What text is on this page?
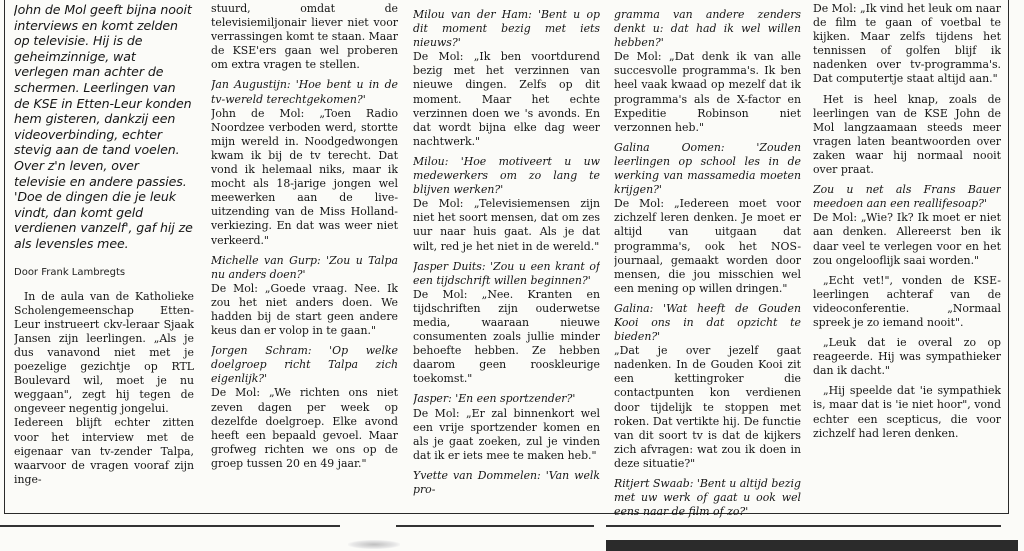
John de Mol geeft bijna nooit interviews en komt zelden op televisie. Hij is de geheimzinnige, wat verlegen man achter de schermen. Leerlingen van de KSE in Etten-Leur konden hem gisteren, dankzij een videoverbinding, echter stevig aan de tand voelen. Over z'n leven, over televisie en andere passies. 'Doe de dingen die je leuk vindt, dan komt geld verdienen vanzelf', gaf hij ze als levensles mee.

Door Frank Lambregts

In de aula van de Katholieke Scholengemeenschap Etten-Leur instrueert ckv-leraar Sjaak Jansen zijn leerlingen. „Als je dus vanavond niet met je poezelige gezichtje op RTL Boulevard wil, moet je nu weggaan", zegt hij tegen de ongeveer negentig jongelui.

Iedereen blijft echter zitten voor het interview met de eigenaar van tv-zender Talpa, waarvoor de vragen vooraf zijn inge-

stuurd, omdat de televisiemiljonair liever niet voor verrassingen komt te staan. Maar de KSE'ers gaan wel proberen om extra vragen te stellen.

Jan Augustijn: 'Hoe bent u in de tv-wereld terechtgekomen?'

John de Mol: „Toen Radio Noordzee verboden werd, stortte mijn wereld in. Noodgedwongen kwam ik bij de tv terecht. Dat vond ik helemaal niks, maar ik mocht als 18-jarige jongen wel meewerken aan de live-uitzending van de Miss Holland-verkiezing. En dat was weer niet verkeerd."

Michelle van Gurp: 'Zou u Talpa nu anders doen?'

De Mol: „Goede vraag. Nee. Ik zou het niet anders doen. We hadden bij de start geen andere keus dan er volop in te gaan."

Jorgen Schram: 'Op welke doelgroep richt Talpa zich eigenlijk?'

De Mol: „We richten ons niet zeven dagen per week op dezelfde doelgroep. Elke avond heeft een bepaald gevoel. Maar grofweg richten we ons op de groep tussen 20 en 49 jaar."

Milou van der Ham: 'Bent u op dit moment bezig met iets nieuws?'

De Mol: „Ik ben voortdurend bezig met het verzinnen van nieuwe dingen. Zelfs op dit moment. Maar het echte verzinnen doen we 's avonds. En dat wordt bijna elke dag weer nachtwerk."

Milou: 'Hoe motiveert u uw medewerkers om zo lang te blijven werken?'

De Mol: „Televisiemensen zijn niet het soort mensen, dat om zes uur naar huis gaat. Als je dat wilt, red je het niet in de wereld."

Jasper Duits: 'Zou u een krant of een tijdschrift willen beginnen?'

De Mol: „Nee. Kranten en tijdschriften zijn ouderwetse media, waaraan nieuwe consumenten zoals jullie minder behoefte hebben. Ze hebben daarom geen rooskleurige toekomst."

Jasper: 'En een sportzender?'

De Mol: „Er zal binnenkort wel een vrije sportzender komen en als je gaat zoeken, zul je vinden dat ik er iets mee te maken heb."

Yvette van Dommelen: 'Van welk pro-

gramma van andere zenders denkt u: dat had ik wel willen hebben?'

De Mol: „Dat denk ik van alle succesvolle programma's. Ik ben heel vaak kwaad op mezelf dat ik programma's als de X-factor en Expeditie Robinson niet verzonnen heb."

Galina Oomen: 'Zouden leerlingen op school les in de werking van massamedia moeten krijgen?'

De Mol: „Iedereen moet voor zichzelf leren denken. Je moet er altijd van uitgaan dat programma's, ook het NOS-journaal, gemaakt worden door mensen, die jou misschien wel een mening op willen dringen."

Galina: 'Wat heeft de Gouden Kooi ons in dat opzicht te bieden?'

„Dat je over jezelf gaat nadenken. In de Gouden Kooi zit een kettingroker die contactpunten kon verdienen door tijdelijk te stoppen met roken. Dat vertikte hij. De functie van dit soort tv is dat de kijkers zich afvragen: wat zou ik doen in deze situatie?"

Ritjert Swaab: 'Bent u altijd bezig met uw werk of gaat u ook wel eens naar de film of zo?'

De Mol: „Ik vind het leuk om naar de film te gaan of voetbal te kijken. Maar zelfs tijdens het tennissen of golfen blijf ik nadenken over tv-programma's. Dat computertje staat altijd aan."

Het is heel knap, zoals de leerlingen van de KSE John de Mol langzaamaan steeds meer vragen laten beantwoorden over zaken waar hij normaal nooit over praat.

Zou u net als Frans Bauer meedoen aan een reallifesoap?'

De Mol: „Wie? Ik? Ik moet er niet aan denken. Allereerst ben ik daar veel te verlegen voor en het zou ongelooflijk saai worden."

„Echt vet!", vonden de KSE-leerlingen achteraf van de videoconferentie. „Normaal spreek je zo iemand nooit".

„Leuk dat ie overal zo op reageerde. Hij was sympathieker dan ik dacht."

„Hij speelde dat 'ie sympathiek is, maar dat is 'ie niet hoor", vond echter een scepticus, die voor zichzelf had leren denken.
